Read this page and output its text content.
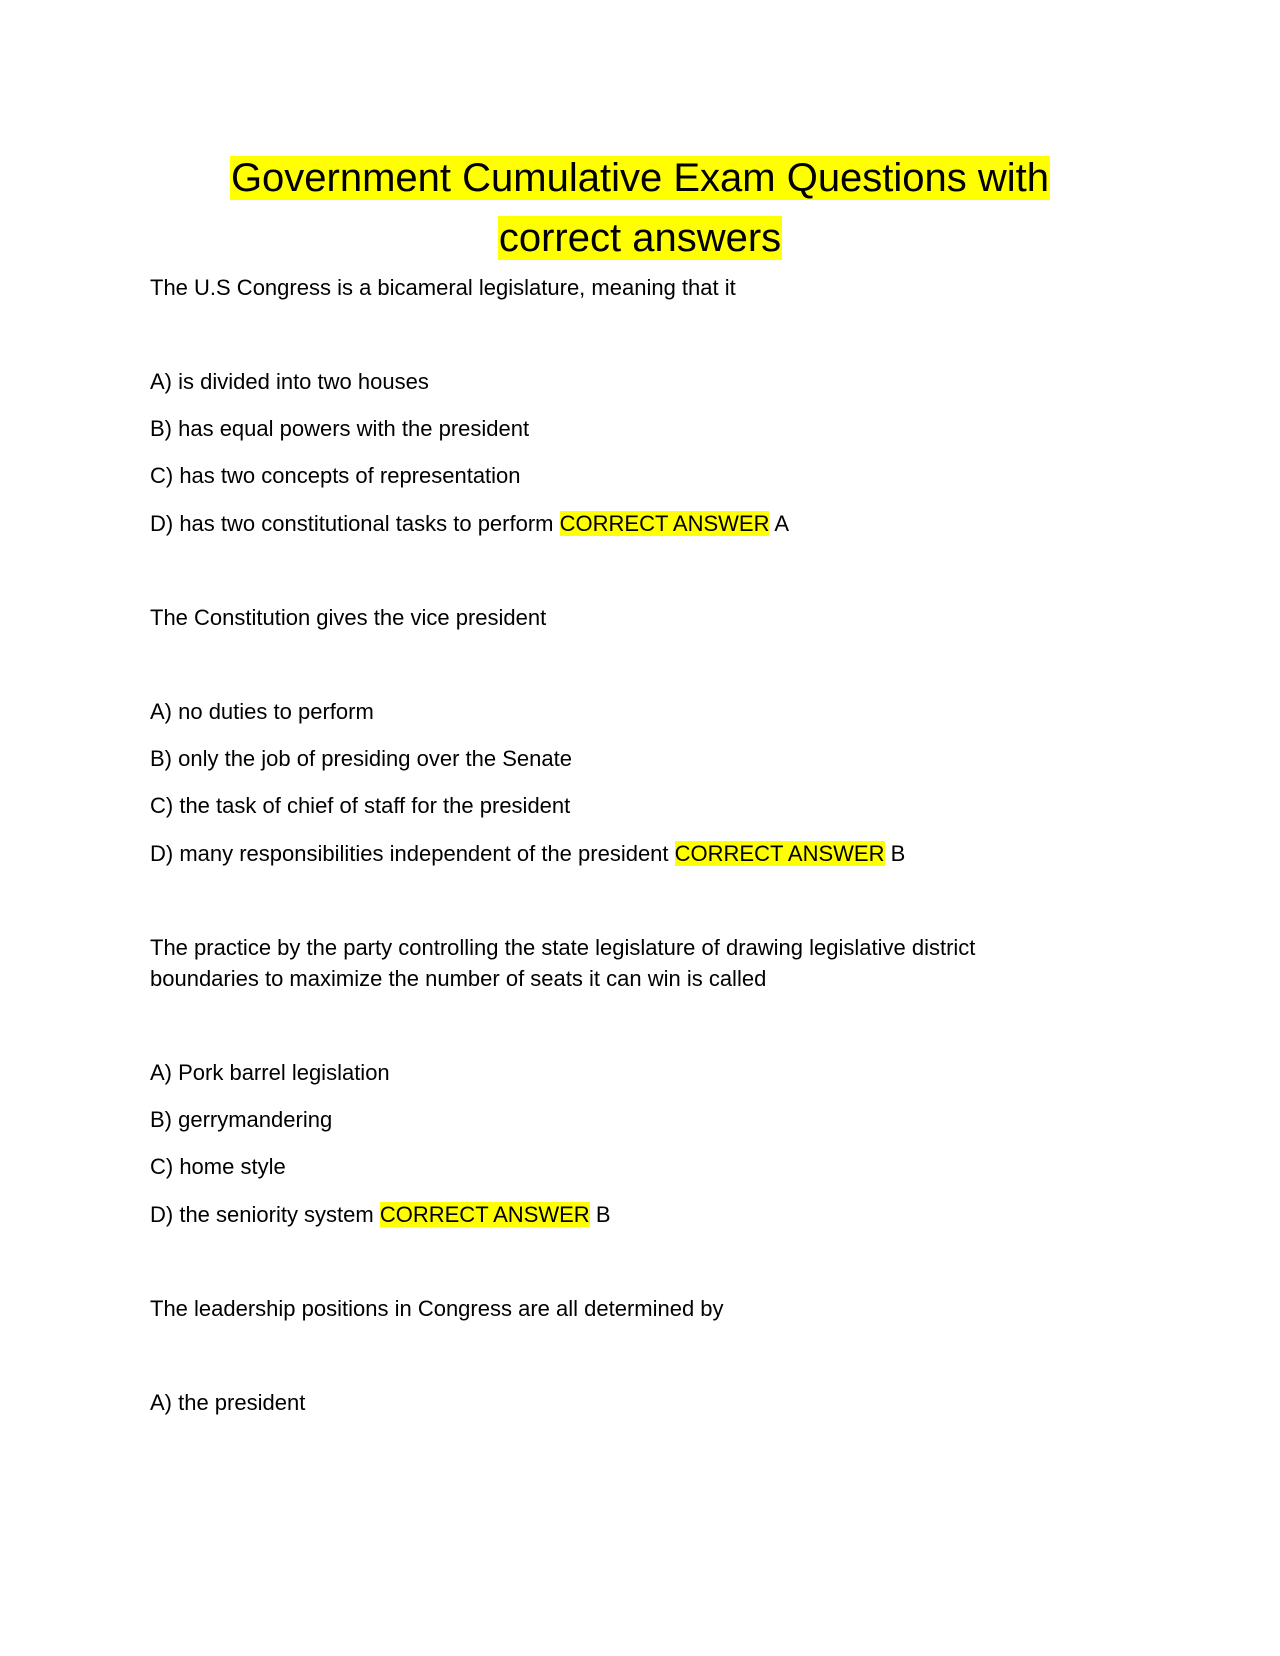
Government Cumulative Exam Questions with
correct answers

The U.S Congress is a bicameral legislature, meaning that it

A) is divided into two houses

B) has equal powers with the president

C) has two concepts of representation

D) has two constitutional tasks to perform CORRECT ANSWER A

The Constitution gives the vice president

A) no duties to perform

B) only the job of presiding over the Senate

C) the task of chief of staff for the president

D) many responsibilities independent of the president CORRECT ANSWER B

The practice by the party controlling the state legislature of drawing legislative district

boundaries to maximize the number of seats it can win is called

A) Pork barrel legislation

B) gerrymandering

C) home style

D) the seniority system CORRECT ANSWER B

The leadership positions in Congress are all determined by

A) the president
